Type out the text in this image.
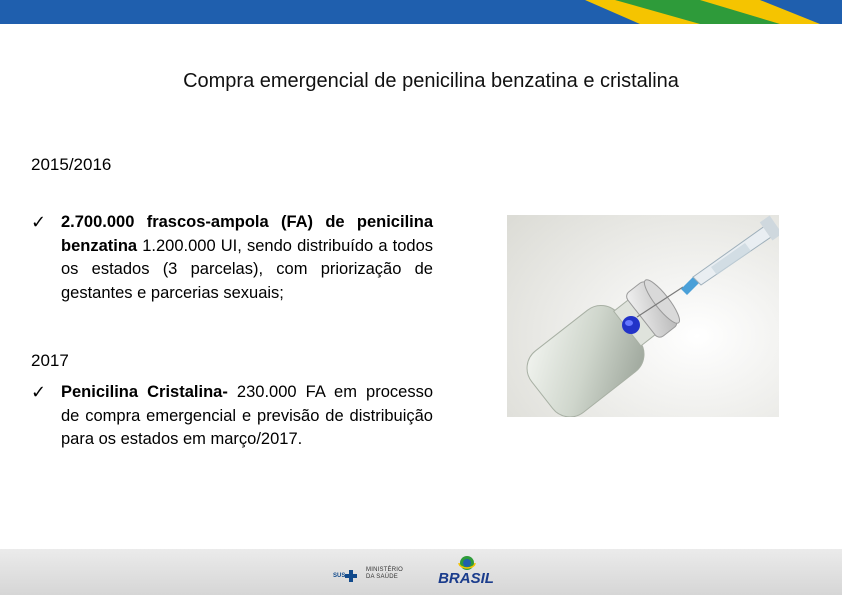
Compra emergencial de penicilina benzatina e cristalina
2015/2016
✓ 2.700.000 frascos-ampola (FA) de penicilina benzatina 1.200.000 UI, sendo distribuído a todos os estados (3 parcelas), com priorização de gestantes e parcerias sexuais;
2017
✓ Penicilina Cristalina- 230.000 FA em processo de compra emergencial e previsão de distribuição para os estados em março/2017.
SUS
MINISTÉRIO
DA SAÚDE	BRASIL
